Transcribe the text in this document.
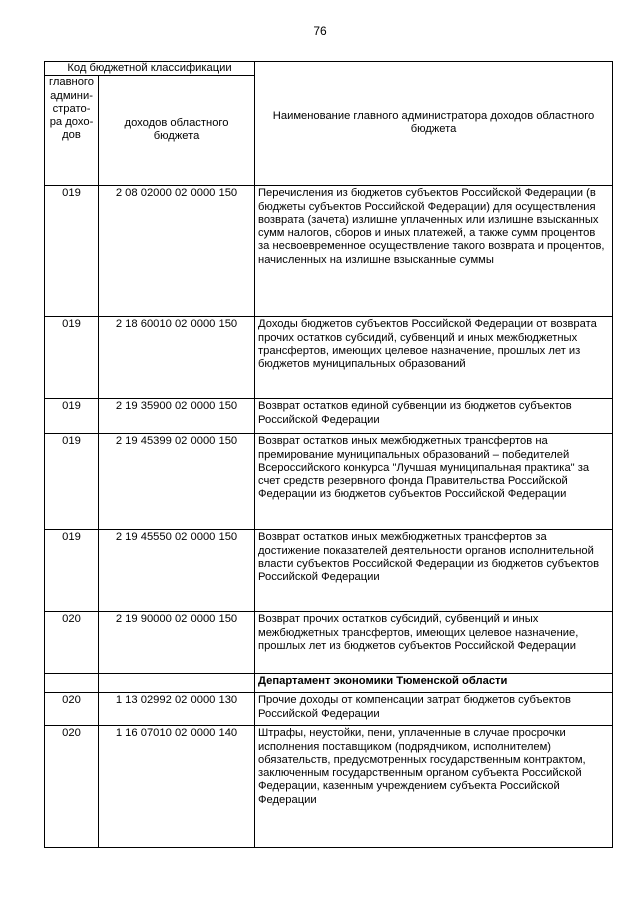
76
Код бюджетной классификации		Наименование главного администратора доходов областного бюджета
главного
админи-
страто-
ра дохо-
дов	доходов областного бюджета	
019	2 08 02000 02 0000 150	Перечисления из бюджетов субъектов Российской Федерации (в бюджеты субъектов Российской Федерации) для осуществления возврата (зачета) излишне уплаченных или излишне взысканных сумм налогов, сборов и иных платежей, а также сумм процентов за несвоевременное осуществление такого возврата и процентов, начисленных на излишне взысканные суммы
019	2 18 60010 02 0000 150	Доходы бюджетов субъектов Российской Федерации от возврата прочих остатков субсидий, субвенций и иных межбюджетных трансфертов, имеющих целевое назначение, прошлых лет из бюджетов муниципальных образований
019	2 19 35900 02 0000 150	Возврат остатков единой субвенции из бюджетов субъектов Российской Федерации
019	2 19 45399 02 0000 150	Возврат остатков иных межбюджетных трансфертов на премирование муниципальных образований – победителей Всероссийского конкурса "Лучшая муниципальная практика" за счет средств резервного фонда Правительства Российской Федерации из бюджетов субъектов Российской Федерации
019	2 19 45550 02 0000 150	Возврат остатков иных межбюджетных трансфертов за достижение показателей деятельности органов исполнительной власти субъектов Российской Федерации из бюджетов субъектов Российской Федерации
020	2 19 90000 02 0000 150	Возврат прочих остатков субсидий, субвенций и иных межбюджетных трансфертов, имеющих целевое назначение, прошлых лет из бюджетов субъектов Российской Федерации
		Департамент экономики Тюменской области
020	1 13 02992 02 0000 130	Прочие доходы от компенсации затрат бюджетов субъектов Российской Федерации
020	1 16 07010 02 0000 140	Штрафы, неустойки, пени, уплаченные в случае просрочки исполнения поставщиком (подрядчиком, исполнителем) обязательств, предусмотренных государственным контрактом, заключенным государственным органом субъекта Российской Федерации, казенным учреждением субъекта Российской Федерации
